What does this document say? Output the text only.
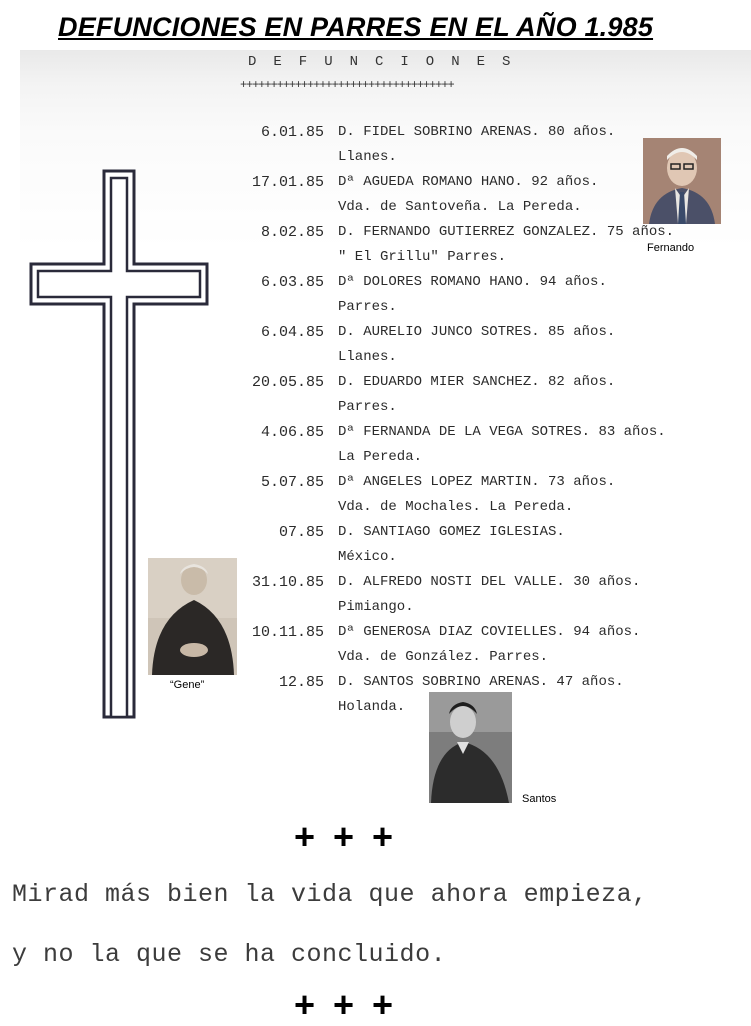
DEFUNCIONES EN PARRES EN EL AÑO 1.985
DEFUNCIONES
+++++++++++++++++++++++++++++++++++
6.01.85 D. FIDEL SOBRINO ARENAS. 80 años.
Llanes.
17.01.85 Dª AGUEDA ROMANO HANO. 92 años.
Vda. de Santoveña. La Pereda.
8.02.85 D. FERNANDO GUTIERREZ GONZALEZ. 75 años.
" El Grillu" Parres.
6.03.85 Dª DOLORES ROMANO HANO. 94 años.
Parres.
6.04.85 D. AURELIO JUNCO SOTRES. 85 años.
Llanes.
20.05.85 D. EDUARDO MIER SANCHEZ. 82 años.
Parres.
4.06.85 Dª FERNANDA DE LA VEGA SOTRES. 83 años.
La Pereda.
5.07.85 Dª ANGELES LOPEZ MARTIN. 73 años.
Vda. de Mochales. La Pereda.
07.85 D. SANTIAGO GOMEZ IGLESIAS.
México.
31.10.85 D. ALFREDO NOSTI DEL VALLE. 30 años.
Pimiango.
10.11.85 Dª GENEROSA DIAZ COVIELLES. 94 años.
Vda. de González. Parres.
12.85 D. SANTOS SOBRINO ARENAS. 47 años.
Holanda.
Fernando
“Gene”
Santos
+++
Mirad más bien la vida que ahora empieza,
y no la que se ha concluido.
+++
